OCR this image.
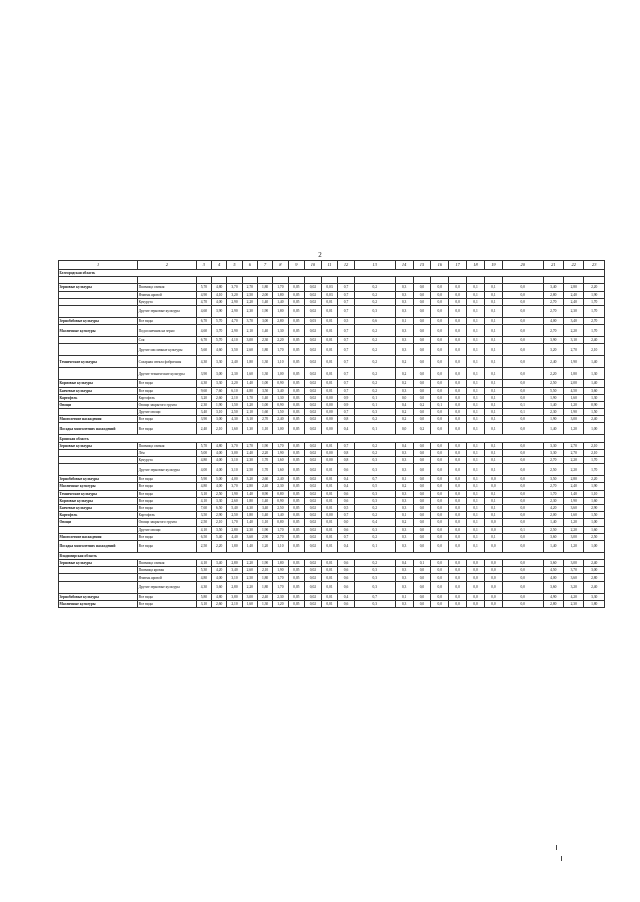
2
1	2	3	4	5	6	7	8	9	10	11	12	13	14	15	16	17	18	19	20	21	22	23
Белгородская область																						

Зерновые культуры	Пшеница озимая	5,70	4,80	3,70	2,70	1,80	1,70	0,05	0,02	0,03	0,7	0,2	0,3	0,0	0,0	0,0	0,1	0,1	0,0	3,40	2,80	2,20
	Ячмень яровой	4,90	4,10	3,20	2,50	2,00	1,80	0,05	0,02	0,03	0,7	0,2	0,3	0,0	0,0	0,0	0,1	0,1	0,0	2,80	2,40	1,90
	Кукуруза	4,70	4,00	2,90	2,20	1,40	1,40	0,05	0,02	0,01	0,7	0,2	0,3	0,0	0,0	0,0	0,1	0,1	0,0	2,70	2,40	1,70
	Другие зерновые культуры	4,60	3,90	2,90	2,30	1,90	1,80	0,05	0,02	0,01	0,7	0,3	0,3	0,0	0,0	0,0	0,1	0,1	0,0	2,70	2,30	1,70
Зернобобовые культуры	Все виды	6,70	5,70	4,70	3,70	3,00	2,80	0,05	0,03	0,01	0,5	0,6	0,1	0,0	0,0	0,0	0,1	0,1	0,0	4,00	3,40	2,70
Масличные культуры	Подсолнечник на зерно	4,60	3,70	2,90	2,10	1,40	1,30	0,05	0,02	0,01	0,7	0,2	0,3	0,0	0,0	0,0	0,1	0,1	0,0	2,70	2,20	1,70
	Соя	6,70	5,70	4,10	3,00	2,30	2,20	0,05	0,02	0,01	0,7	0,2	0,3	0,0	0,0	0,0	0,1	0,1	0,0	3,90	3,10	2,40
	Другие масличные культуры	5,60	4,60	3,50	2,60	1,80	1,70	0,05	0,02	0,01	0,7	0,2	0,3	0,0	0,0	0,0	0,1	0,1	0,0	3,20	2,70	2,10
Технические культуры	Сахарная свекла фабричная	4,30	3,30	2,40	1,80	1,30	1,10	0,05	0,02	0,01	0,7	0,2	0,2	0,0	0,0	0,0	0,1	0,1	0,0	2,40	1,90	1,40
	Другие технические культуры	3,90	3,00	2,30	1,60	1,30	1,00	0,05	0,02	0,01	0,7	0,2	0,2	0,0	0,0	0,0	0,1	0,1	0,0	2,20	1,80	1,30
Кормовые культуры	Все виды	4,30	3,30	2,20	1,40	1,00	0,90	0,05	0,02	0,01	0,7	0,2	0,2	0,0	0,0	0,0	0,1	0,1	0,0	2,50	2,00	1,40
Бахчевые культуры	Все виды	9,60	7,60	6,10	4,80	3,50	3,40	0,05	0,02	0,01	0,7	0,2	0,3	0,0	0,0	0,0	0,1	0,1	0,0	5,50	4,50	3,60
Картофель	Картофель	3,20	2,60	2,10	1,70	1,40	1,30	0,03	0,02	0,00	0,9	0,1	0,0	0,0	0,0	0,0	0,1	0,1	0,0	1,90	1,60	1,30
Овощи	Овощи закрытого грунта	2,30	1,90	1,50	1,20	1,00	0,90	0,03	0,02	0,00	0,9	0,1	0,4	0,2	0,1	0,0	0,1	0,1	0,1	1,40	1,20	0,90
	Другие овощи	3,40	3,10	2,50	2,10	1,60	1,50	0,03	0,02	0,00	0,7	0,3	0,2	0,0	0,0	0,0	0,1	0,1	0,1	2,30	1,90	1,50
Многолетние насаждения	Все виды	3,90	3,00	4,30	3,10	2,70	2,40	0,05	0,02	0,00	0,8	0,2	0,2	0,0	0,0	0,0	0,1	0,1	0,0	1,90	3,00	2,40
Посадка многолетних насаждений	Все виды	2,40	2,10	1,60	1,30	1,10	1,00	0,05	0,02	0,00	0,4	0,1	0,0	0,2	0,0	0,0	0,1	0,1	0,0	1,40	1,20	1,00
Брянская область																						
Зерновые культуры	Пшеница озимая	5,70	4,80	3,70	2,70	1,90	1,70	0,05	0,02	0,01	0,7	0,2	0,4	0,0	0,0	0,0	0,1	0,1	0,0	3,30	2,70	2,10
	Лён	5,00	4,00	3,00	2,40	2,20	1,90	0,05	0,02	0,00	0,8	0,2	0,3	0,0	0,0	0,0	0,1	0,1	0,0	3,30	2,70	2,10
	Кукуруза	4,80	4,00	3,10	2,30	1,70	1,60	0,05	0,02	0,00	0,8	0,3	0,3	0,0	0,0	0,0	0,1	0,1	0,0	2,70	2,20	1,70
	Другие зерновые культуры	4,00	4,00	3,10	2,50	1,70	1,60	0,05	0,02	0,01	0,6	0,3	0,3	0,0	0,0	0,0	0,1	0,1	0,0	2,50	2,20	1,70
Зернобобовые культуры	Все виды	5,90	5,00	4,00	3,20	2,60	2,40	0,05	0,02	0,01	0,4	0,7	0,1	0,0	0,0	0,0	0,1	0,0	0,0	3,50	2,80	2,20
Масличные культуры	Все виды	4,80	4,00	3,70	2,80	2,40	2,30	0,05	0,02	0,01	0,4	0,5	0,2	0,0	0,0	0,0	0,1	0,0	0,0	2,70	2,40	1,90
Технические культуры	Все виды	3,10	2,50	1,90	1,40	0,90	0,80	0,05	0,02	0,01	0,6	0,3	0,3	0,0	0,0	0,0	0,1	0,1	0,0	1,70	1,40	1,10
Кормовые культуры	Все виды	4,10	3,30	2,60	1,80	1,40	0,90	0,05	0,02	0,01	0,6	0,3	0,3	0,0	0,0	0,0	0,1	0,1	0,0	2,30	1,90	1,60
Бахчевые культуры	Все виды	7,60	6,50	5,40	4,30	3,40	2,50	0,05	0,02	0,01	0,5	0,2	0,3	0,0	0,0	0,0	0,1	0,1	0,0	4,20	3,60	2,90
Картофель	Картофель	3,50	2,90	2,50	1,80	1,40	1,40	0,03	0,02	0,00	0,7	0,2	0,1	0,0	0,0	0,0	0,1	0,1	0,0	2,00	1,60	1,50
Овощи	Овощи закрытого грунта	2,50	2,10	1,70	1,40	1,10	0,80	0,05	0,02	0,01	0,0	0,4	0,2	0,0	0,0	0,0	0,1	0,0	0,0	1,40	1,20	1,00
	Другие овощи	4,10	3,50	2,80	2,30	1,90	1,70	0,05	0,02	0,01	0,6	0,3	0,3	0,0	0,0	0,0	0,1	0,0	0,1	2,50	2,20	1,60
Многолетние насаждения	Все виды	6,50	5,40	4,40	3,60	2,90	2,70	0,05	0,02	0,01	0,7	0,2	0,3	0,0	0,0	0,0	0,1	0,1	0,0	3,60	3,00	2,50
Посадка многолетних насаждений	Все виды	2,50	2,20	1,80	1,40	1,20	1,10	0,05	0,02	0,01	0,4	0,1	0,3	0,0	0,0	0,0	0,1	0,0	0,0	1,40	1,20	1,00
Владимирская область																						
Зерновые культуры	Пшеница озимая	4,10	3,40	2,80	2,20	1,90	1,80	0,03	0,02	0,01	0,6	0,2	0,4	0,1	0,0	0,0	0,0	0,0	0,0	3,60	3,00	2,40
	Пшеница яровая	5,30	4,20	3,40	2,60	2,10	1,90	0,05	0,02	0,01	0,6	0,3	0,3	0,0	0,0	0,0	0,0	0,0	0,0	4,50	3,70	3,00
	Ячмень яровой	4,80	4,00	3,10	2,50	1,80	1,70	0,05	0,02	0,01	0,6	0,3	0,3	0,0	0,0	0,0	0,0	0,0	0,0	4,00	3,60	2,80
	Другие зерновые культуры	4,30	3,60	2,80	2,20	1,80	1,70	0,05	0,02	0,01	0,6	0,3	0,3	0,0	0,0	0,0	0,0	0,0	0,0	3,60	3,20	2,40
Зернобобовые культуры	Все виды	5,80	4,80	3,80	3,00	2,40	2,30	0,05	0,02	0,01	0,4	0,7	0,1	0,0	0,0	0,0	0,0	0,0	0,0	4,90	4,20	3,30
Масличные культуры	Все виды	3,10	2,60	2,10	1,60	1,30	1,20	0,05	0,02	0,01	0,6	0,3	0,3	0,0	0,0	0,0	0,0	0,0	0,0	2,80	2,30	1,80
